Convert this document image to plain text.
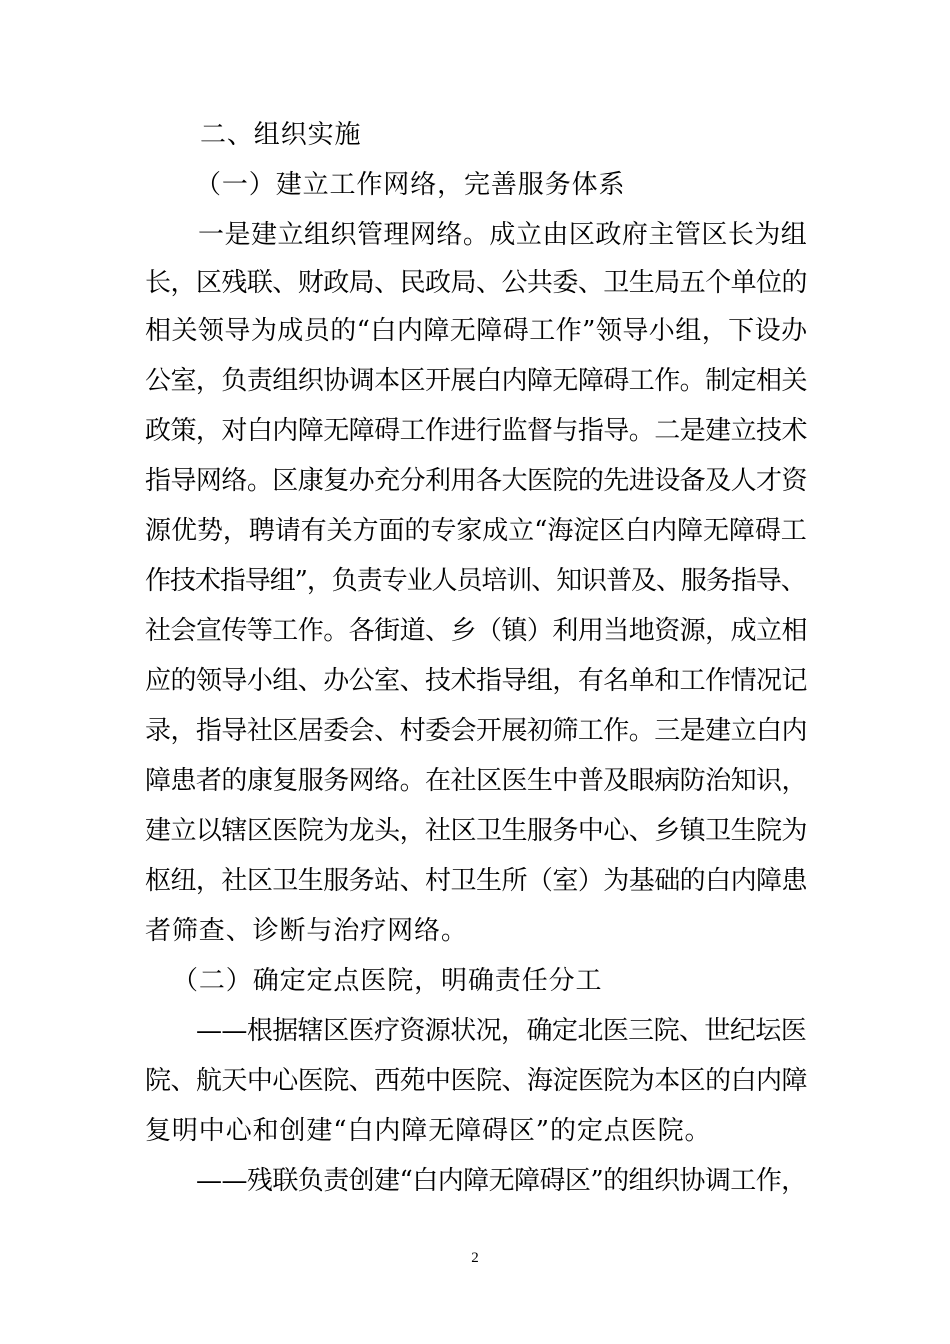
二、组织实施
（一）建立工作网络，完善服务体系
一是建立组织管理网络。成立由区政府主管区长为组
长，区残联、财政局、民政局、公共委、卫生局五个单位的
相关领导为成员的“白内障无障碍工作”领导小组，下设办
公室，负责组织协调本区开展白内障无障碍工作。制定相关
政策，对白内障无障碍工作进行监督与指导。二是建立技术
指导网络。区康复办充分利用各大医院的先进设备及人才资
源优势，聘请有关方面的专家成立“海淀区白内障无障碍工
作技术指导组”，负责专业人员培训、知识普及、服务指导、
社会宣传等工作。各街道、乡（镇）利用当地资源，成立相
应的领导小组、办公室、技术指导组，有名单和工作情况记
录，指导社区居委会、村委会开展初筛工作。三是建立白内
障患者的康复服务网络。在社区医生中普及眼病防治知识，
建立以辖区医院为龙头，社区卫生服务中心、乡镇卫生院为
枢纽，社区卫生服务站、村卫生所（室）为基础的白内障患
者筛查、诊断与治疗网络。
（二）确定定点医院，明确责任分工
——根据辖区医疗资源状况，确定北医三院、世纪坛医
院、航天中心医院、西苑中医院、海淀医院为本区的白内障
复明中心和创建“白内障无障碍区”的定点医院。
——残联负责创建“白内障无障碍区”的组织协调工作，
2
